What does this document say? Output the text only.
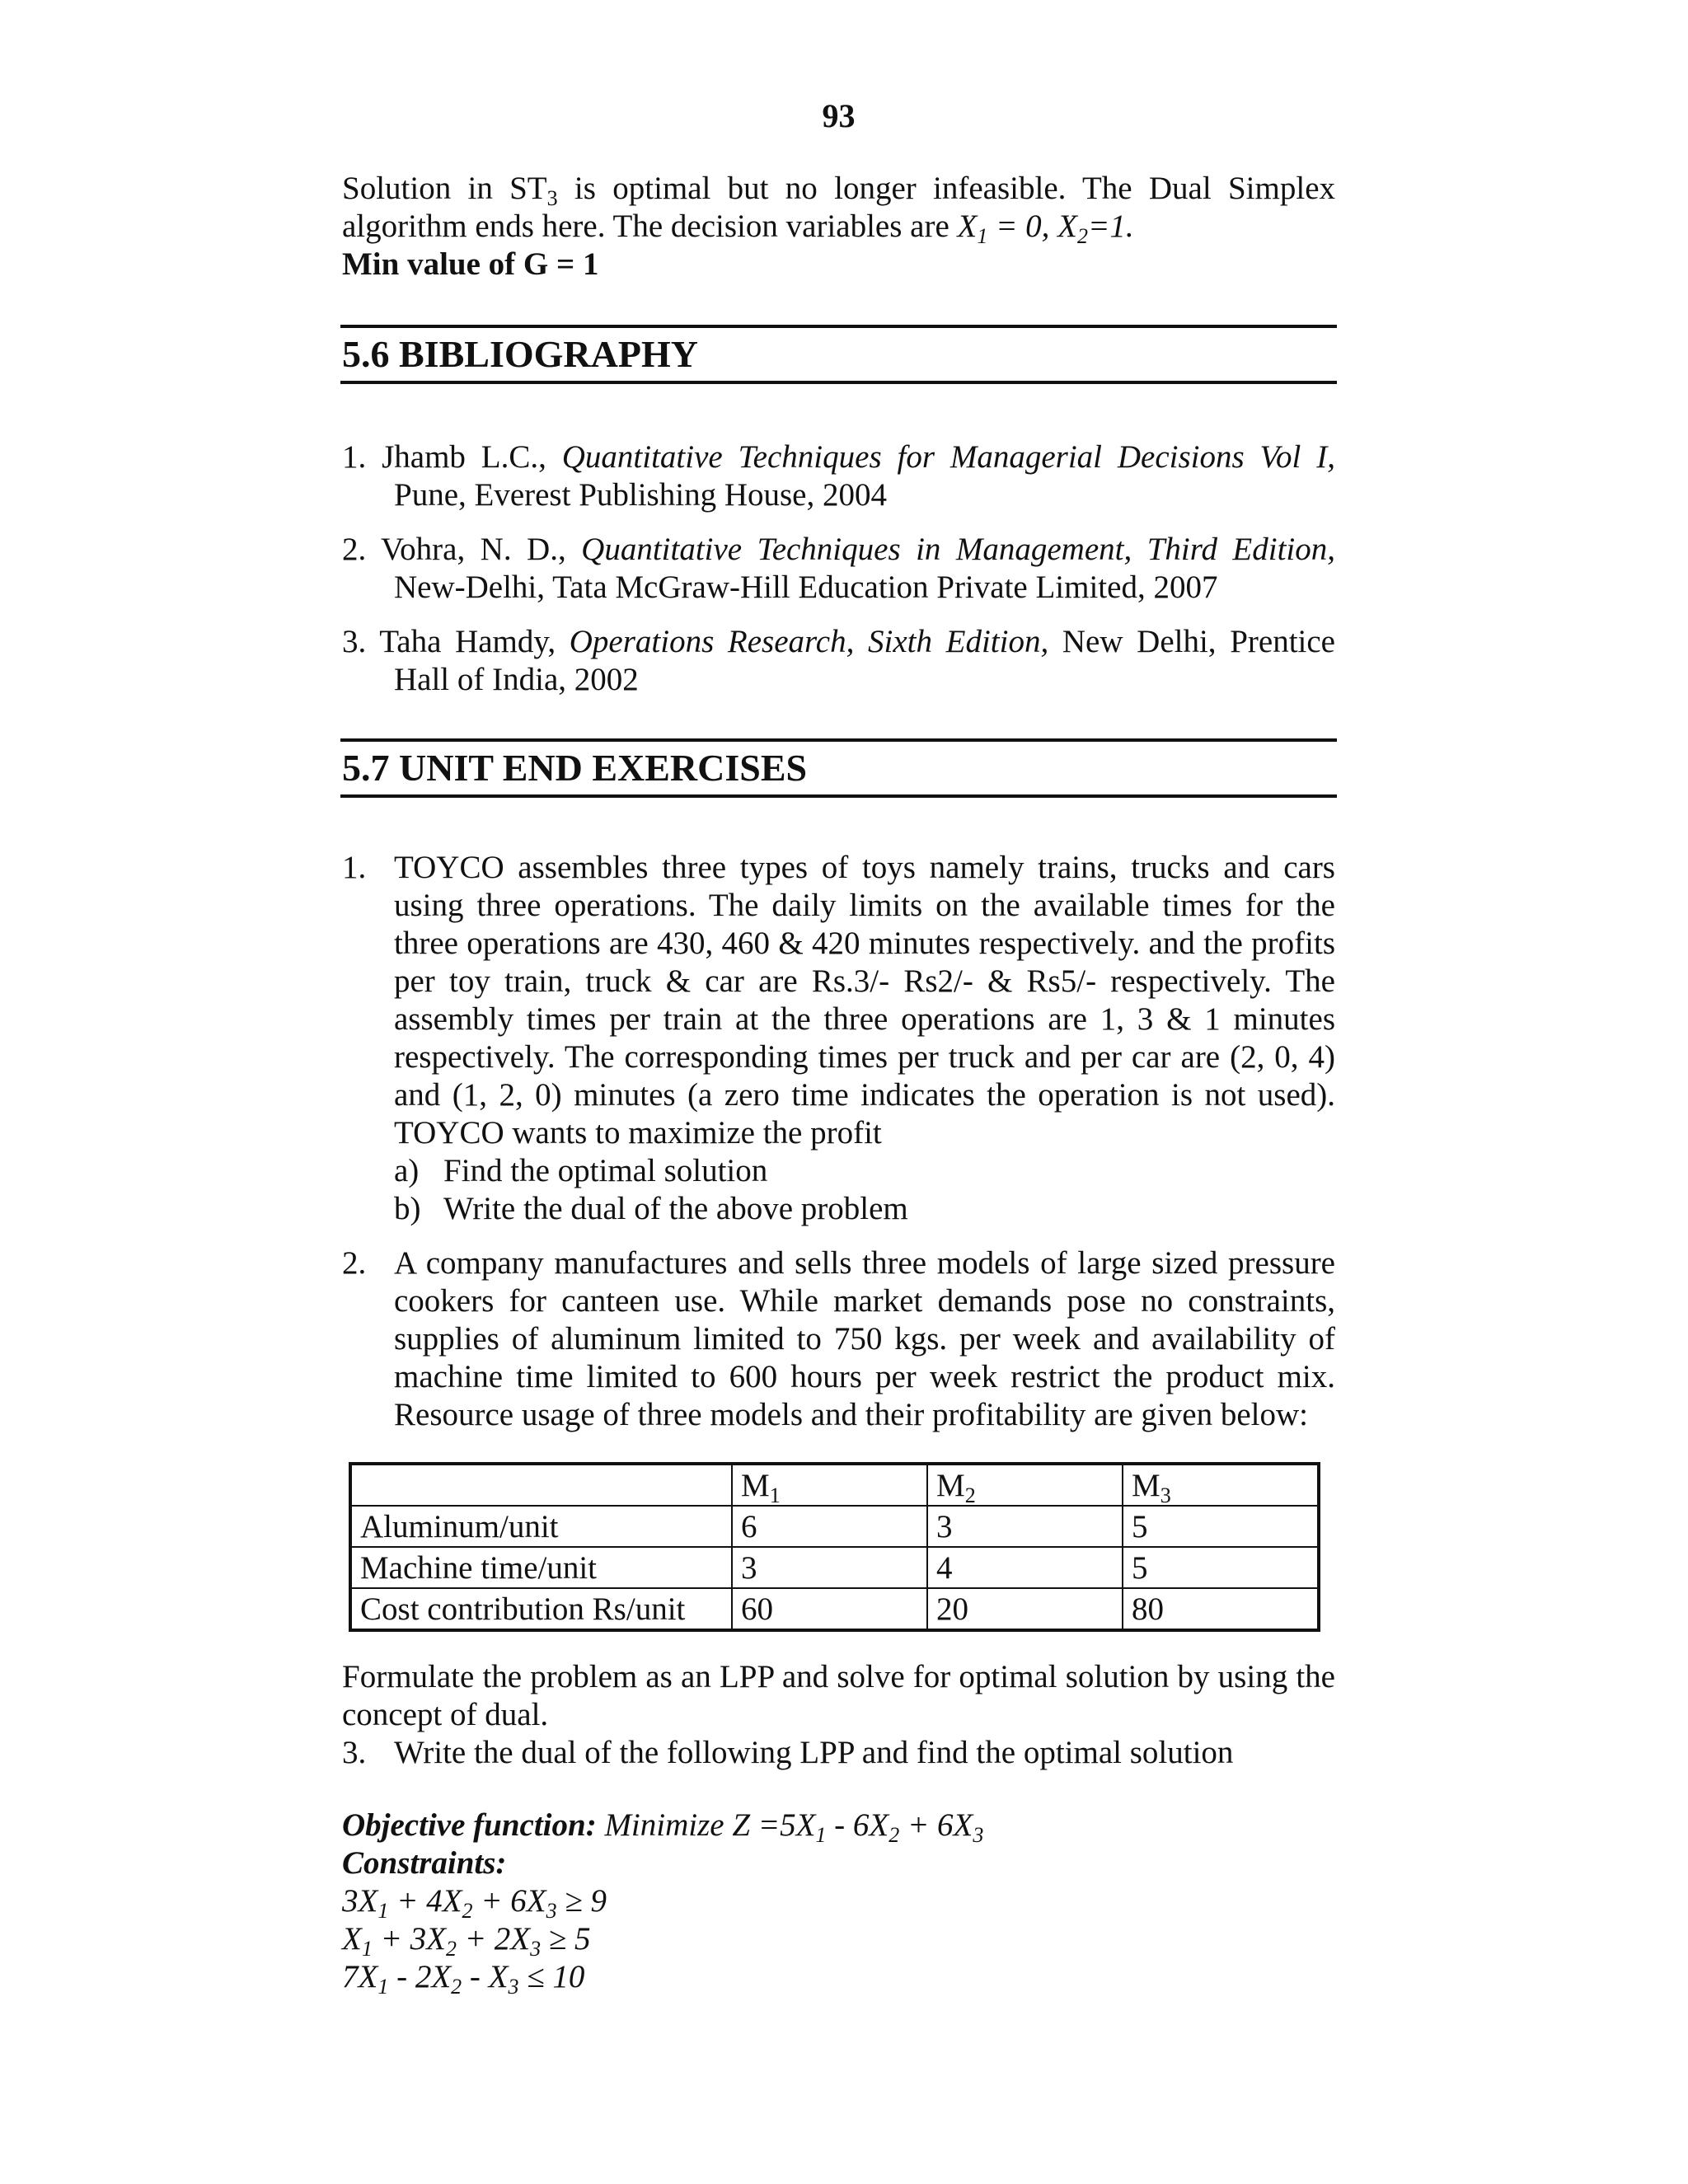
93

Solution in $ST_3$ is optimal but no longer infeasible. The Dual Simplex algorithm ends here. The decision variables are $X_1 = 0$, $X_2=1$.

Min value of G = 1

5.6 BIBLIOGRAPHY

1. Jhamb L.C., Quantitative Techniques for Managerial Decisions Vol I, Pune, Everest Publishing House, 2004

2. Vohra, N. D., Quantitative Techniques in Management, Third Edition, New-Delhi, Tata McGraw-Hill Education Private Limited, 2007

3. Taha Hamdy, Operations Research, Sixth Edition, New Delhi, Prentice Hall of India, 2002

5.7 UNIT END EXERCISES
1. TOYCO assembles three types of toys namely trains, trucks and cars using three operations. The daily limits on the available times for the three operations are 430, 460 & 420 minutes respectively. and the profits per toy train, truck & car are Rs.3/- Rs2/- & Rs5/- respectively. The assembly times per train at the three operations are 1, 3 & 1 minutes respectively. The corresponding times per truck and per car are (2, 0, 4) and (1, 2, 0) minutes (a zero time indicates the operation is not used). TOYCO wants to maximize the profit

a) Find the optimal solution
b) Write the dual of the above problem
2. A company manufactures and sells three models of large sized pressure cookers for canteen use. While market demands pose no constraints, supplies of aluminum limited to 750 kgs. per week and availability of machine time limited to 600 hours per week restrict the product mix. Resource usage of three models and their profitability are given below:

	$M_1$	$M_2$	$M_3$
Aluminum/unit	6	3	5
Machine time/unit	3	4	5
Cost contribution Rs/unit	60	20	80

Formulate the problem as an LPP and solve for optimal solution by using the concept of dual.

3. Write the dual of the following LPP and find the optimal solution

Objective function: Minimize $Z =5X_1 - 6X_2 + 6X_3$

Constraints:

$3X_1 + 4X_2 + 6X_3 \ge 9$

$X_1 + 3X_2 + 2X_3 \ge 5$

$7X_1 - 2X_2 - X_3 \le 10$
